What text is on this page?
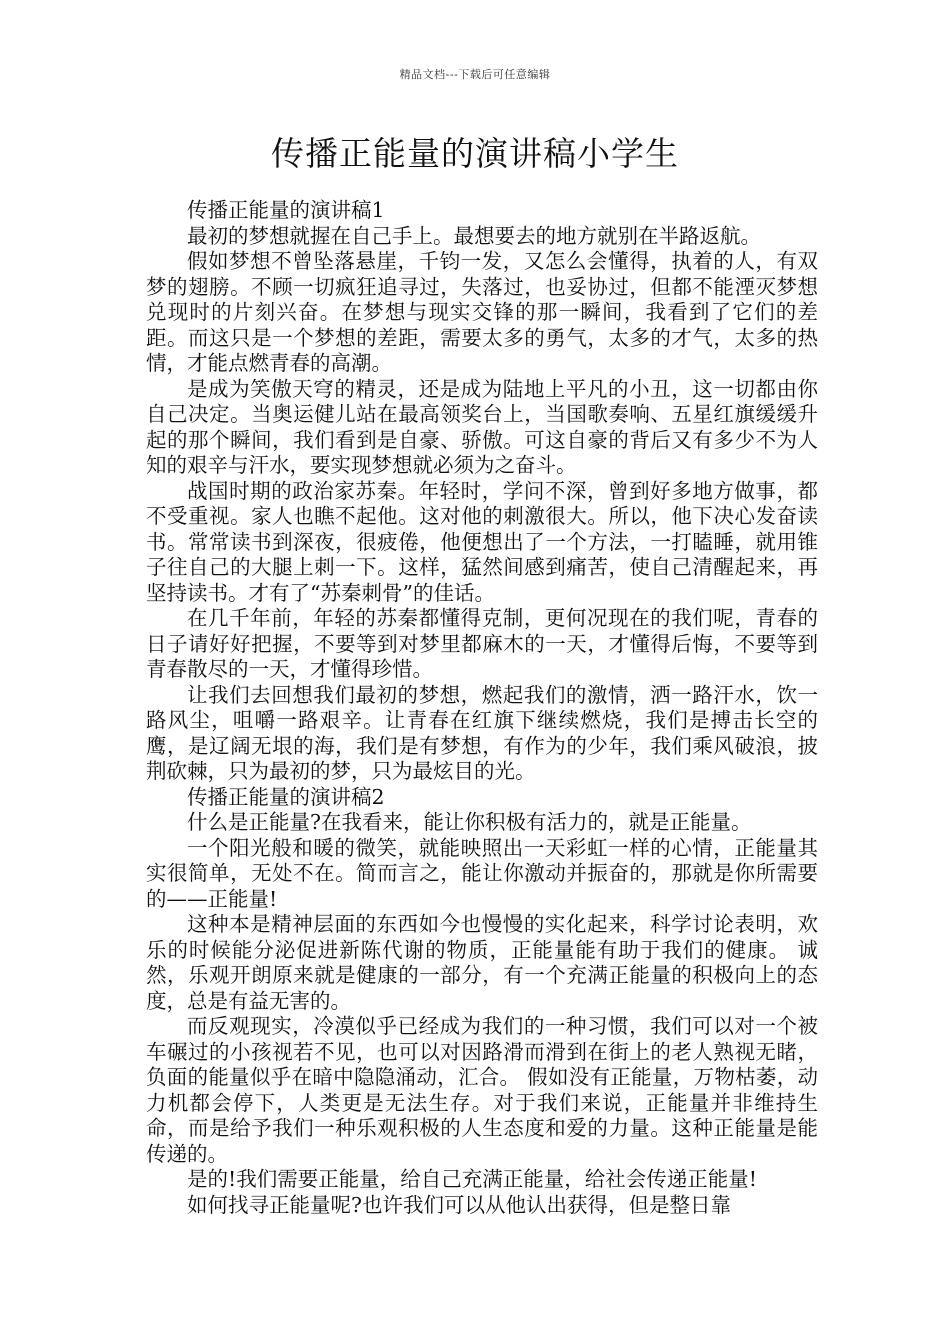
精品文档---下载后可任意编辑
传播正能量的演讲稿小学生

传播正能量的演讲稿1

最初的梦想就握在自己手上。最想要去的地方就别在半路返航。

假如梦想不曾坠落悬崖，千钧一发，又怎么会懂得，执着的人，有双梦的翅膀。不顾一切疯狂追寻过，失落过，也妥协过，但都不能湮灭梦想兑现时的片刻兴奋。在梦想与现实交锋的那一瞬间，我看到了它们的差距。而这只是一个梦想的差距，需要太多的勇气，太多的才气，太多的热情，才能点燃青春的高潮。

是成为笑傲天穹的精灵，还是成为陆地上平凡的小丑，这一切都由你自己决定。当奥运健儿站在最高领奖台上，当国歌奏响、五星红旗缓缓升起的那个瞬间，我们看到是自豪、骄傲。可这自豪的背后又有多少不为人知的艰辛与汗水，要实现梦想就必须为之奋斗。

战国时期的政治家苏秦。年轻时，学问不深，曾到好多地方做事，都不受重视。家人也瞧不起他。这对他的刺激很大。所以，他下决心发奋读书。常常读书到深夜，很疲倦，他便想出了一个方法，一打瞌睡，就用锥子往自己的大腿上刺一下。这样，猛然间感到痛苦，使自己清醒起来，再坚持读书。才有了“苏秦刺骨”的佳话。

在几千年前，年轻的苏秦都懂得克制，更何况现在的我们呢，青春的日子请好好把握，不要等到对梦里都麻木的一天，才懂得后悔，不要等到青春散尽的一天，才懂得珍惜。

让我们去回想我们最初的梦想，燃起我们的激情，洒一路汗水，饮一路风尘，咀嚼一路艰辛。让青春在红旗下继续燃烧，我们是搏击长空的鹰，是辽阔无垠的海，我们是有梦想，有作为的少年，我们乘风破浪，披荆砍棘，只为最初的梦，只为最炫目的光。

传播正能量的演讲稿2

什么是正能量?在我看来，能让你积极有活力的，就是正能量。

一个阳光般和暖的微笑，就能映照出一天彩虹一样的心情，正能量其实很简单，无处不在。简而言之，能让你激动并振奋的，那就是你所需要的——正能量!

这种本是精神层面的东西如今也慢慢的实化起来，科学讨论表明，欢乐的时候能分泌促进新陈代谢的物质，正能量能有助于我们的健康。 诚然，乐观开朗原来就是健康的一部分，有一个充满正能量的积极向上的态度，总是有益无害的。

而反观现实，冷漠似乎已经成为我们的一种习惯，我们可以对一个被车碾过的小孩视若不见，也可以对因路滑而滑到在街上的老人熟视无睹，负面的能量似乎在暗中隐隐涌动，汇合。 假如没有正能量，万物枯萎，动力机都会停下，人类更是无法生存。对于我们来说，正能量并非维持生命，而是给予我们一种乐观积极的人生态度和爱的力量。这种正能量是能传递的。

是的!我们需要正能量，给自己充满正能量，给社会传递正能量!

如何找寻正能量呢?也许我们可以从他认出获得，但是整日靠
